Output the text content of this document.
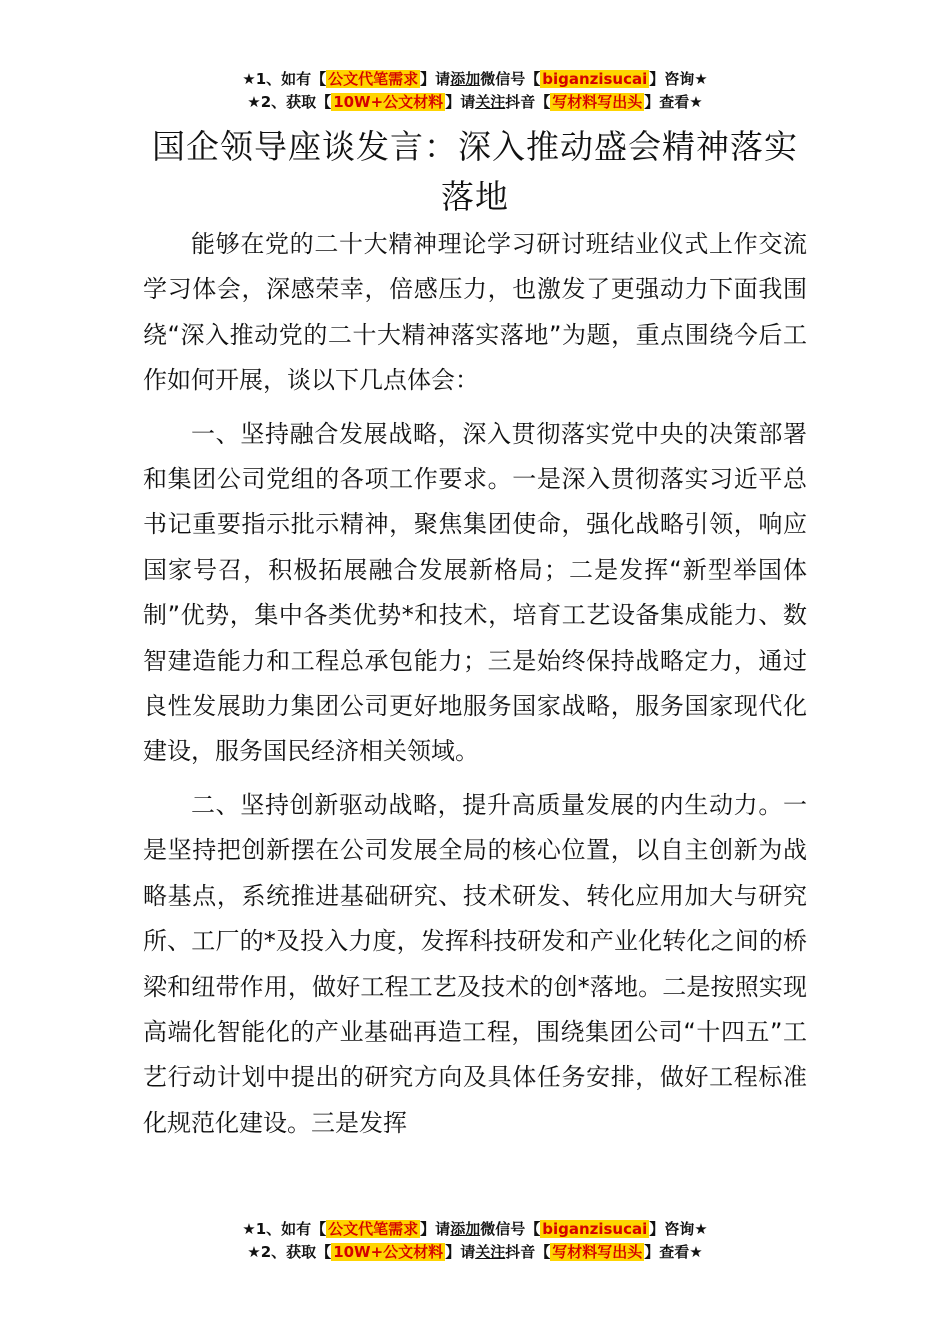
★1、如有【 公文代笔需求 】请添加微信号【 biganzisucai 】咨询★
★2、获取【 10W+公文材料 】请关注抖音【 写材料写出头 】查看★
国企领导座谈发言：深入推动盛会精神落实落地

能够在党的二十大精神理论学习研讨班结业仪式上作交流学习体会，深感荣幸，倍感压力，也激发了更强动力下面我围绕“深入推动党的二十大精神落实落地”为题，重点围绕今后工作如何开展，谈以下几点体会：

一、坚持融合发展战略，深入贯彻落实党中央的决策部署和集团公司党组的各项工作要求。一是深入贯彻落实习近平总书记重要指示批示精神，聚焦集团使命，强化战略引领，响应国家号召，积极拓展融合发展新格局；二是发挥“新型举国体制”优势，集中各类优势*和技术，培育工艺设备集成能力、数智建造能力和工程总承包能力；三是始终保持战略定力，通过良性发展助力集团公司更好地服务国家战略，服务国家现代化建设，服务国民经济相关领域。

二、坚持创新驱动战略，提升高质量发展的内生动力。一是坚持把创新摆在公司发展全局的核心位置，以自主创新为战略基点，系统推进基础研究、技术研发、转化应用加大与研究所、工厂的*及投入力度，发挥科技研发和产业化转化之间的桥梁和纽带作用，做好工程工艺及技术的创*落地。二是按照实现高端化智能化的产业基础再造工程，围绕集团公司“十四五”工艺行动计划中提出的研究方向及具体任务安排，做好工程标准化规范化建设。三是发挥

★1、如有【 公文代笔需求 】请添加微信号【 biganzisucai 】咨询★
★2、获取【 10W+公文材料 】请关注抖音【 写材料写出头 】查看★
